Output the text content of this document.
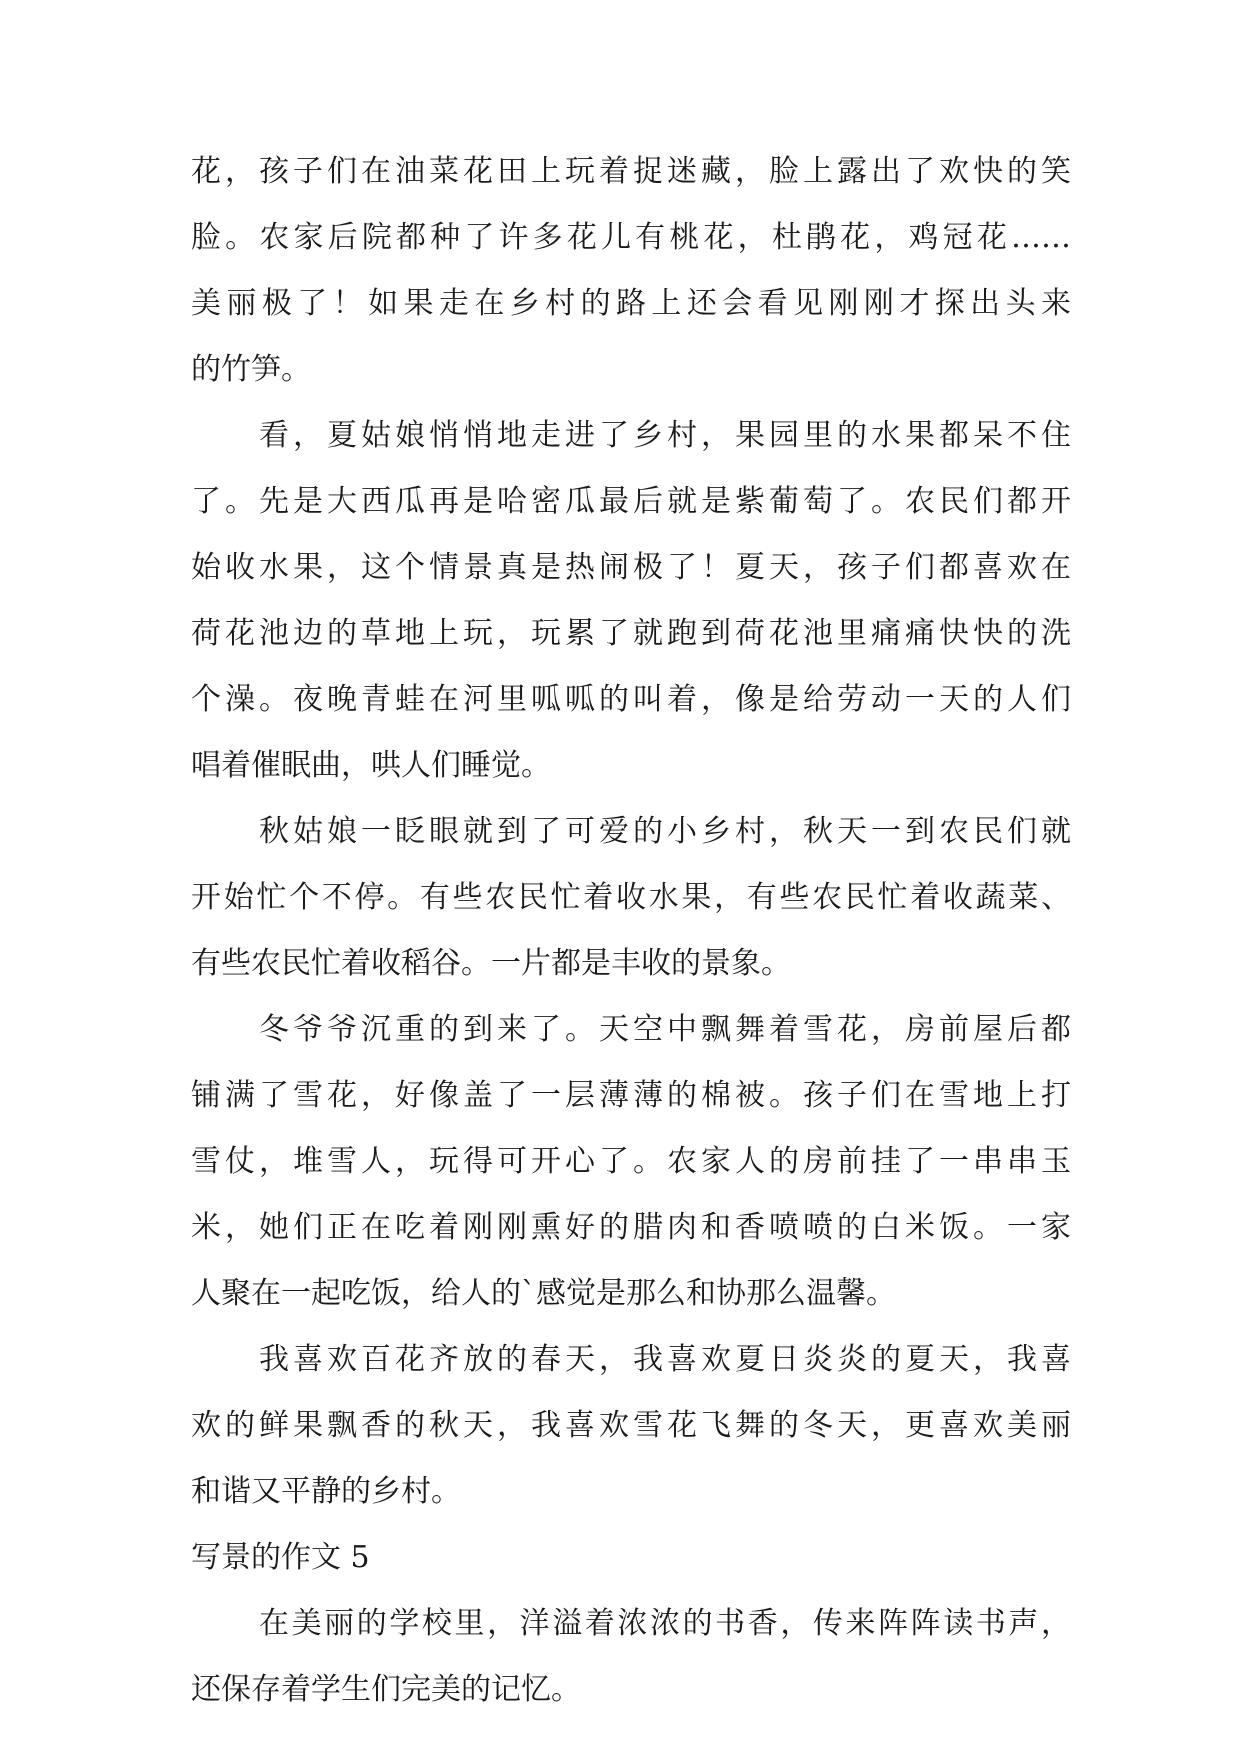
花，孩子们在油菜花田上玩着捉迷藏，脸上露出了欢快的笑
脸。农家后院都种了许多花儿有桃花，杜鹃花，鸡冠花……
美丽极了！如果走在乡村的路上还会看见刚刚才探出头来
的竹笋。
看，夏姑娘悄悄地走进了乡村，果园里的水果都呆不住
了。先是大西瓜再是哈密瓜最后就是紫葡萄了。农民们都开
始收水果，这个情景真是热闹极了！夏天，孩子们都喜欢在
荷花池边的草地上玩，玩累了就跑到荷花池里痛痛快快的洗
个澡。夜晚青蛙在河里呱呱的叫着，像是给劳动一天的人们
唱着催眠曲，哄人们睡觉。
秋姑娘一眨眼就到了可爱的小乡村，秋天一到农民们就
开始忙个不停。有些农民忙着收水果，有些农民忙着收蔬菜、
有些农民忙着收稻谷。一片都是丰收的景象。
冬爷爷沉重的到来了。天空中飘舞着雪花，房前屋后都
铺满了雪花，好像盖了一层薄薄的棉被。孩子们在雪地上打
雪仗，堆雪人，玩得可开心了。农家人的房前挂了一串串玉
米，她们正在吃着刚刚熏好的腊肉和香喷喷的白米饭。一家
人聚在一起吃饭，给人的`感觉是那么和协那么温馨。
我喜欢百花齐放的春天，我喜欢夏日炎炎的夏天，我喜
欢的鲜果飘香的秋天，我喜欢雪花飞舞的冬天，更喜欢美丽
和谐又平静的乡村。
写景的作文 5
在美丽的学校里，洋溢着浓浓的书香，传来阵阵读书声，
还保存着学生们完美的记忆。
